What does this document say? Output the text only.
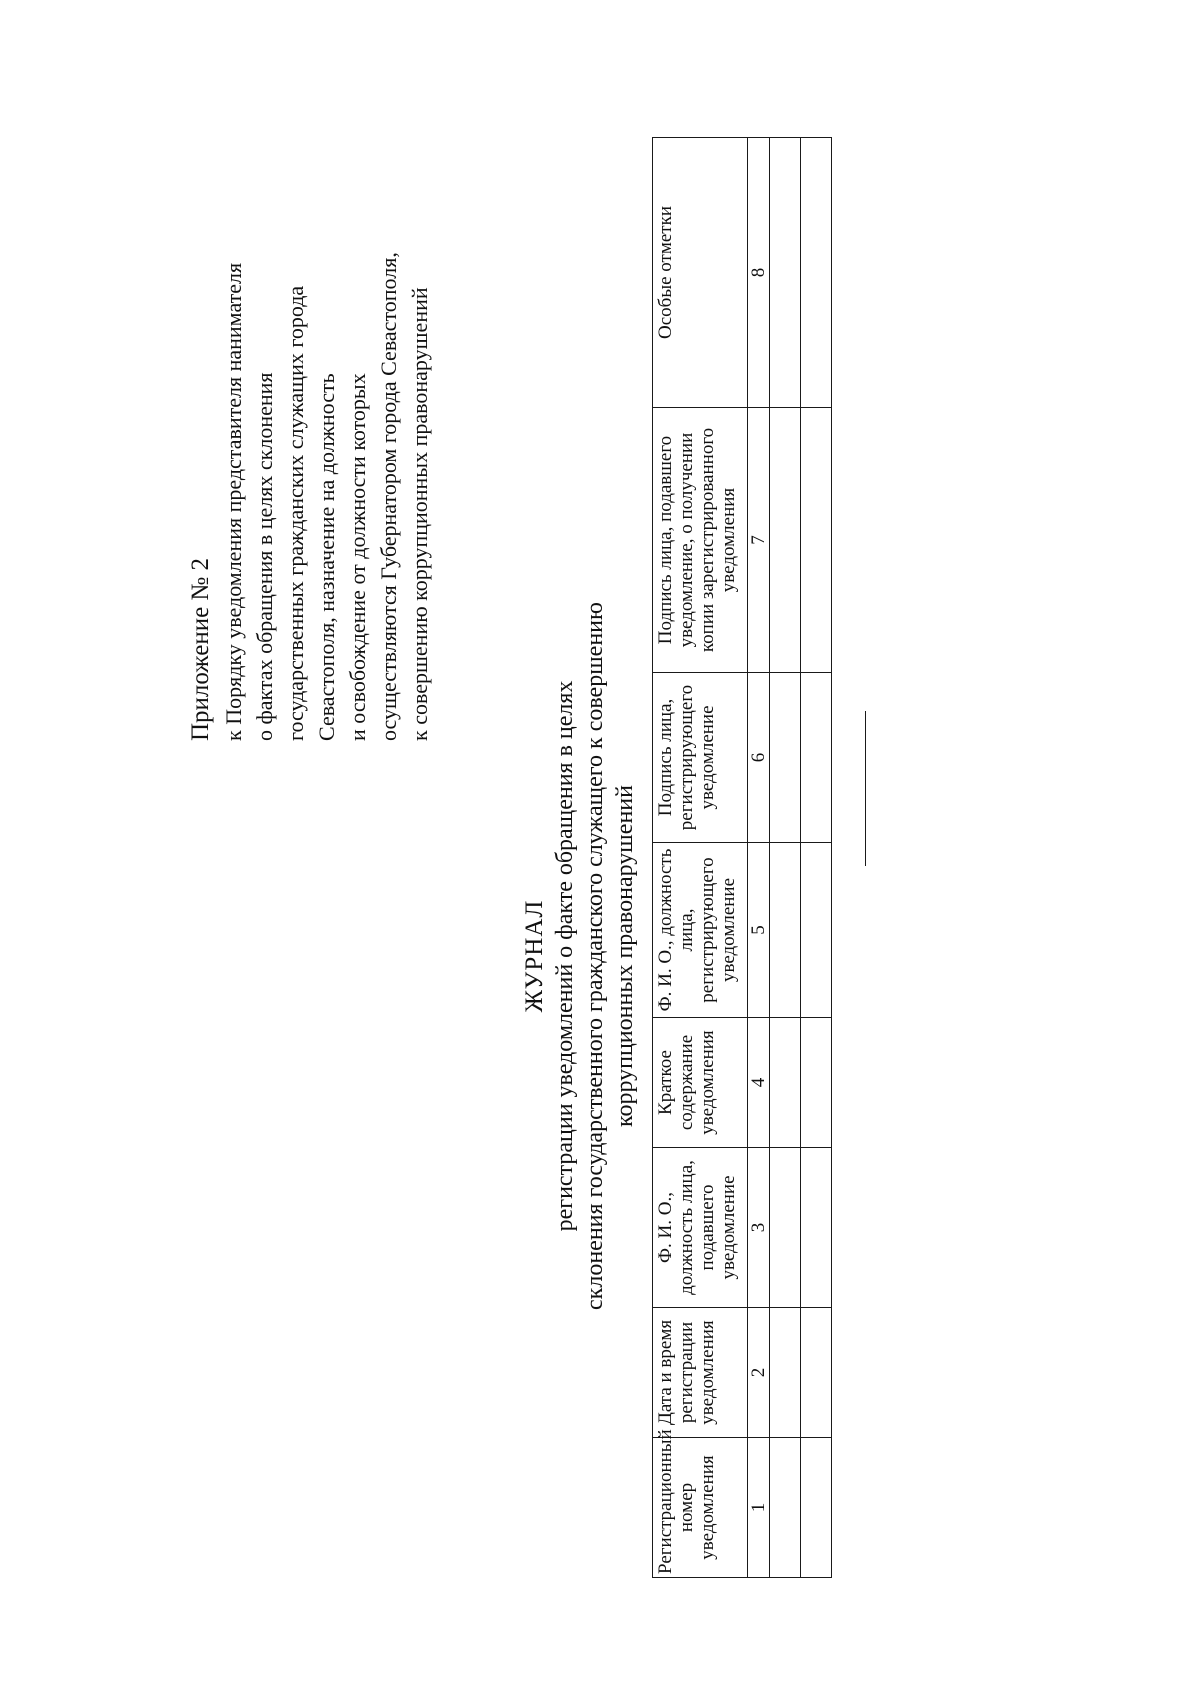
Приложение № 2 к Порядку уведомления представителя нанимателя о фактах обращения в целях склонения государственных гражданских служащих города Севастополя, назначение на должность и освобождение от должности которых осуществляются Губернатором города Севастополя, к совершению коррупционных правонарушений
ЖУРНАЛ регистрации уведомлений о факте обращения в целях склонения государственного гражданского служащего к совершению коррупционных правонарушений
Регистрационный номер уведомления	Дата и время регистрации уведомления	Ф. И. О., должность лица, подавшего уведомление	Краткое содержание уведомления	Ф. И. О., должность лица, регистрирующего уведомление	Подпись лица, регистрирующего уведомление	Подпись лица, подавшего уведомление, о получении копии зарегистрированного уведомления	Особые отметки
1	2	3	4	5	6	7	8
